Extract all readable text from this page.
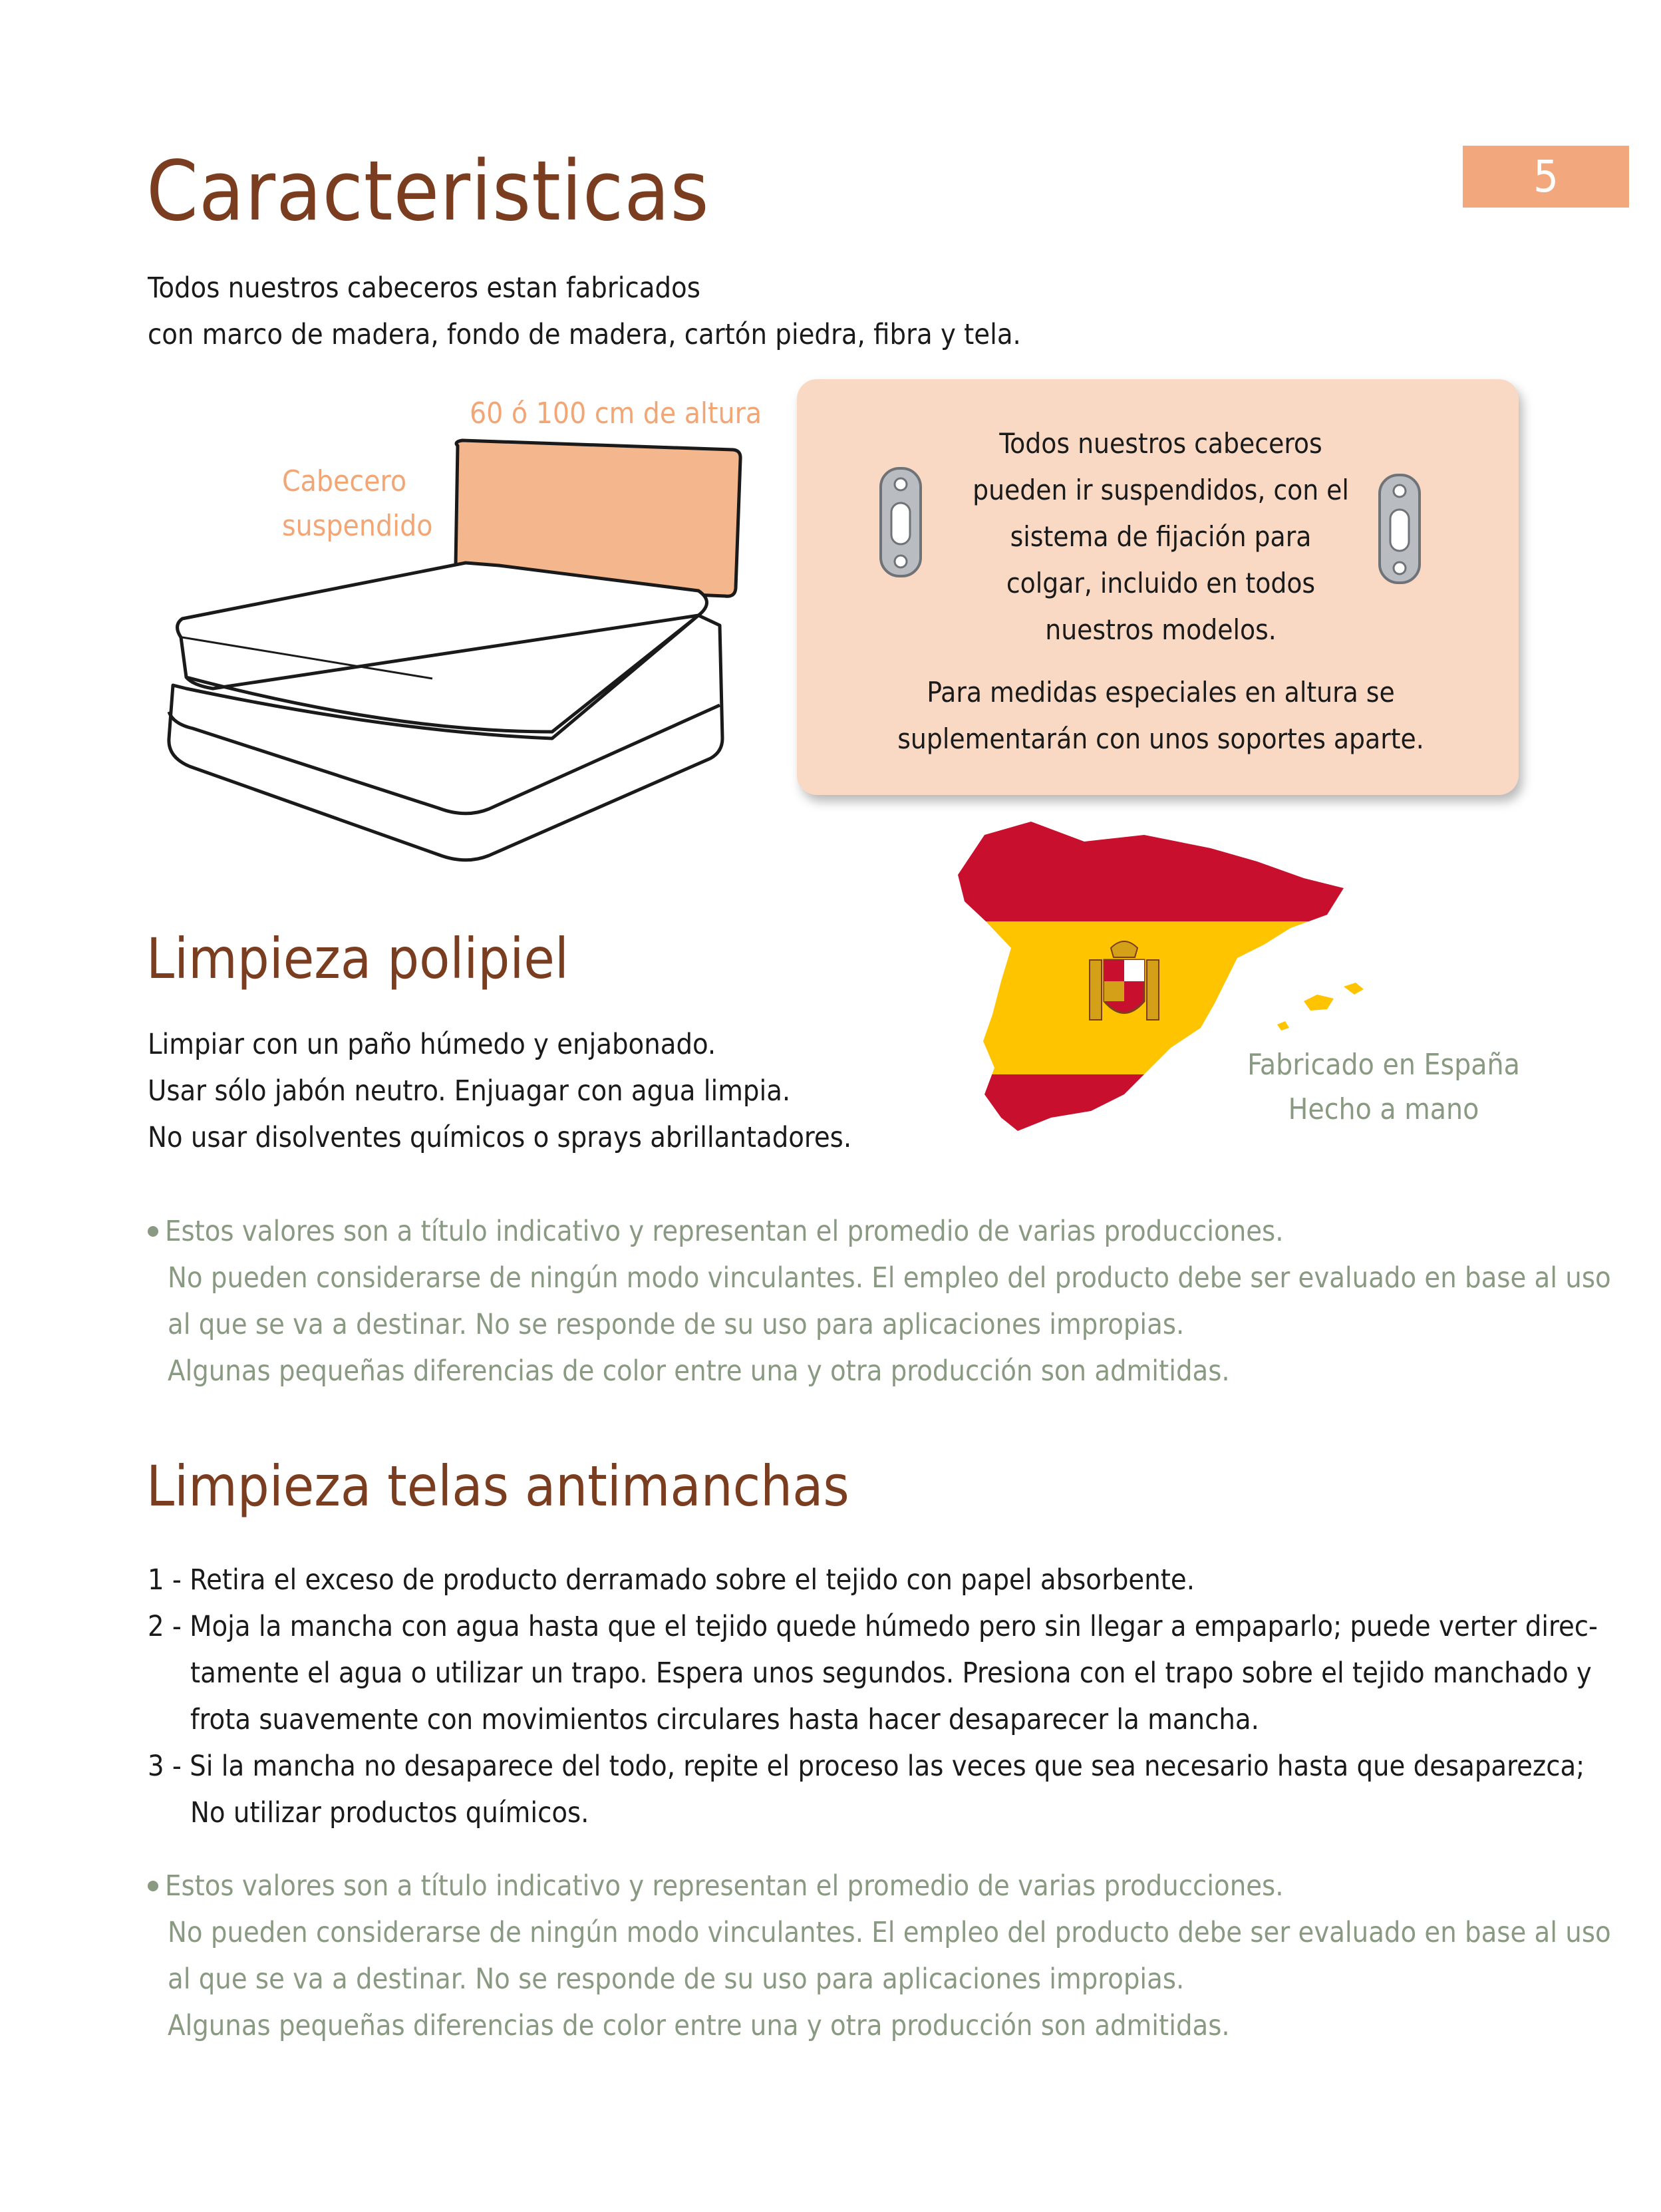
5
Caracteristicas
Todos nuestros cabeceros estan fabricados
con marco de madera, fondo de madera, cartón piedra, fibra y tela.
60 ó 100 cm de altura
Cabecero
suspendido
Todos nuestros cabeceros
pueden ir suspendidos, con el
sistema de fijación para
colgar, incluido en todos
nuestros modelos.
Para medidas especiales en altura se
suplementarán con unos soportes aparte.
Fabricado en España
Hecho a mano
Limpieza polipiel
Limpiar con un paño húmedo y enjabonado.
Usar sólo jabón neutro. Enjuagar con agua limpia.
No usar disolventes químicos o sprays abrillantadores.
Estos valores son a título indicativo y representan el promedio de varias producciones.
No pueden considerarse de ningún modo vinculantes. El empleo del producto debe ser evaluado en base al uso
al que se va a destinar. No se responde de su uso para aplicaciones impropias.
Algunas pequeñas diferencias de color entre una y otra producción son admitidas.
Limpieza telas antimanchas
1 - Retira el exceso de producto derramado sobre el tejido con papel absorbente.
2 - Moja la mancha con agua hasta que el tejido quede húmedo pero sin llegar a empaparlo; puede verter direc-
tamente el agua o utilizar un trapo. Espera unos segundos. Presiona con el trapo sobre el tejido manchado y
frota suavemente con movimientos circulares hasta hacer desaparecer la mancha.
3 - Si la mancha no desaparece del todo, repite el proceso las veces que sea necesario hasta que desaparezca;
No utilizar productos químicos.
Estos valores son a título indicativo y representan el promedio de varias producciones.
No pueden considerarse de ningún modo vinculantes. El empleo del producto debe ser evaluado en base al uso
al que se va a destinar. No se responde de su uso para aplicaciones impropias.
Algunas pequeñas diferencias de color entre una y otra producción son admitidas.
